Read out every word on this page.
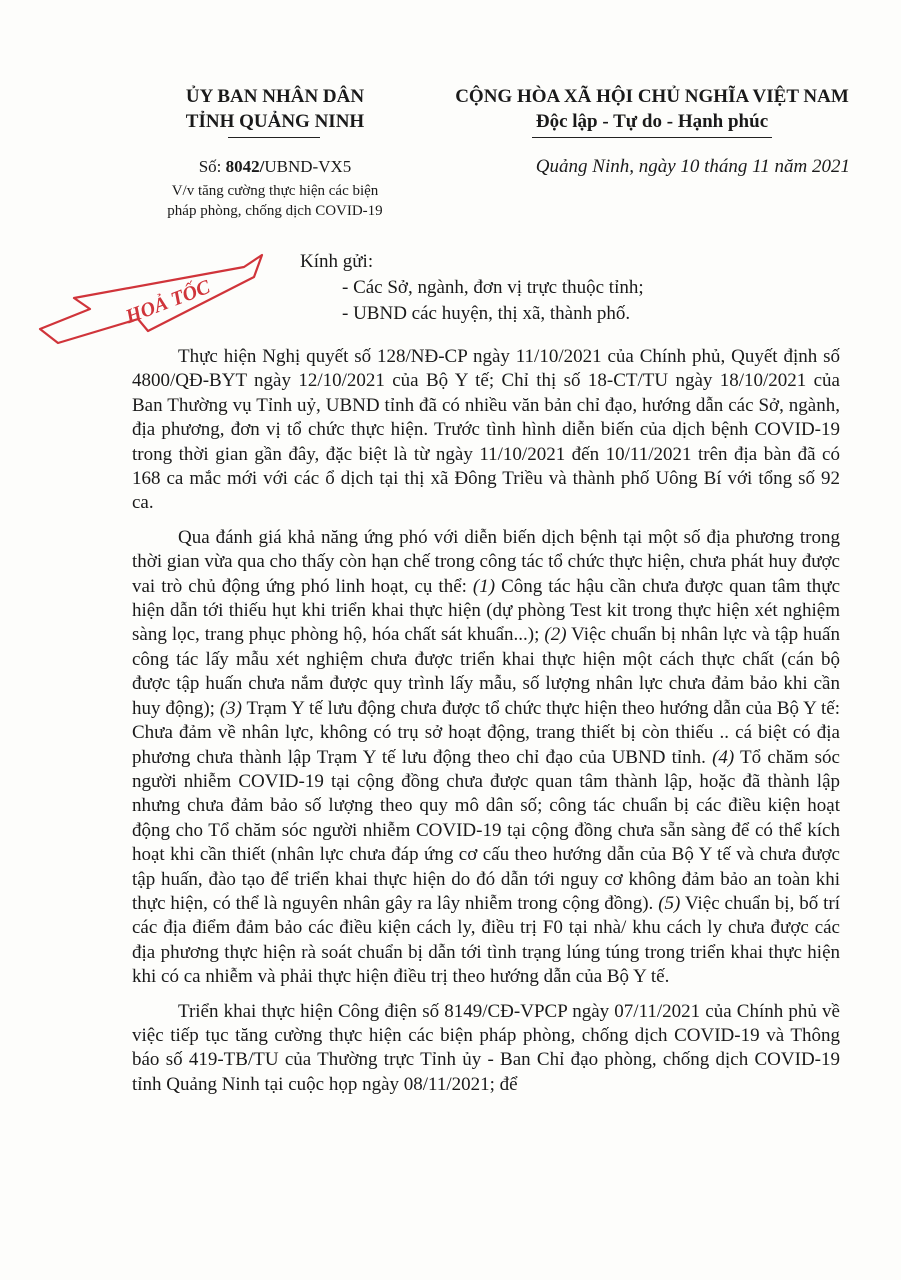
ỦY BAN NHÂN DÂN
TỈNH QUẢNG NINH
CỘNG HÒA XÃ HỘI CHỦ NGHĨA VIỆT NAM
Độc lập - Tự do - Hạnh phúc
Số: 8042/UBND-VX5
V/v tăng cường thực hiện các biện
pháp phòng, chống dịch COVID-19
Quảng Ninh, ngày 10 tháng 11 năm 2021
HOẢ TỐC
Kính gửi:
- Các Sở, ngành, đơn vị trực thuộc tỉnh;
- UBND các huyện, thị xã, thành phố.

Thực hiện Nghị quyết số 128/NĐ-CP ngày 11/10/2021 của Chính phủ, Quyết định số 4800/QĐ-BYT ngày 12/10/2021 của Bộ Y tế; Chỉ thị số 18-CT/TU ngày 18/10/2021 của Ban Thường vụ Tỉnh uỷ, UBND tỉnh đã có nhiều văn bản chỉ đạo, hướng dẫn các Sở, ngành, địa phương, đơn vị tổ chức thực hiện. Trước tình hình diễn biến của dịch bệnh COVID-19 trong thời gian gần đây, đặc biệt là từ ngày 11/10/2021 đến 10/11/2021 trên địa bàn đã có 168 ca mắc mới với các ổ dịch tại thị xã Đông Triều và thành phố Uông Bí với tổng số 92 ca.

Qua đánh giá khả năng ứng phó với diễn biến dịch bệnh tại một số địa phương trong thời gian vừa qua cho thấy còn hạn chế trong công tác tổ chức thực hiện, chưa phát huy được vai trò chủ động ứng phó linh hoạt, cụ thể: (1) Công tác hậu cần chưa được quan tâm thực hiện dẫn tới thiếu hụt khi triển khai thực hiện (dự phòng Test kit trong thực hiện xét nghiệm sàng lọc, trang phục phòng hộ, hóa chất sát khuẩn...); (2) Việc chuẩn bị nhân lực và tập huấn công tác lấy mẫu xét nghiệm chưa được triển khai thực hiện một cách thực chất (cán bộ được tập huấn chưa nắm được quy trình lấy mẫu, số lượng nhân lực chưa đảm bảo khi cần huy động); (3) Trạm Y tế lưu động chưa được tổ chức thực hiện theo hướng dẫn của Bộ Y tế: Chưa đảm về nhân lực, không có trụ sở hoạt động, trang thiết bị còn thiếu .. cá biệt có địa phương chưa thành lập Trạm Y tế lưu động theo chỉ đạo của UBND tỉnh. (4) Tổ chăm sóc người nhiễm COVID-19 tại cộng đồng chưa được quan tâm thành lập, hoặc đã thành lập nhưng chưa đảm bảo số lượng theo quy mô dân số; công tác chuẩn bị các điều kiện hoạt động cho Tổ chăm sóc người nhiễm COVID-19 tại cộng đồng chưa sẵn sàng để có thể kích hoạt khi cần thiết (nhân lực chưa đáp ứng cơ cấu theo hướng dẫn của Bộ Y tế và chưa được tập huấn, đào tạo để triển khai thực hiện do đó dẫn tới nguy cơ không đảm bảo an toàn khi thực hiện, có thể là nguyên nhân gây ra lây nhiễm trong cộng đồng). (5) Việc chuẩn bị, bố trí các địa điểm đảm bảo các điều kiện cách ly, điều trị F0 tại nhà/ khu cách ly chưa được các địa phương thực hiện rà soát chuẩn bị dẫn tới tình trạng lúng túng trong triển khai thực hiện khi có ca nhiễm và phải thực hiện điều trị theo hướng dẫn của Bộ Y tế.

Triển khai thực hiện Công điện số 8149/CĐ-VPCP ngày 07/11/2021 của Chính phủ về việc tiếp tục tăng cường thực hiện các biện pháp phòng, chống dịch COVID-19 và Thông báo số 419-TB/TU của Thường trực Tỉnh ủy - Ban Chỉ đạo phòng, chống dịch COVID-19 tỉnh Quảng Ninh tại cuộc họp ngày 08/11/2021; để
